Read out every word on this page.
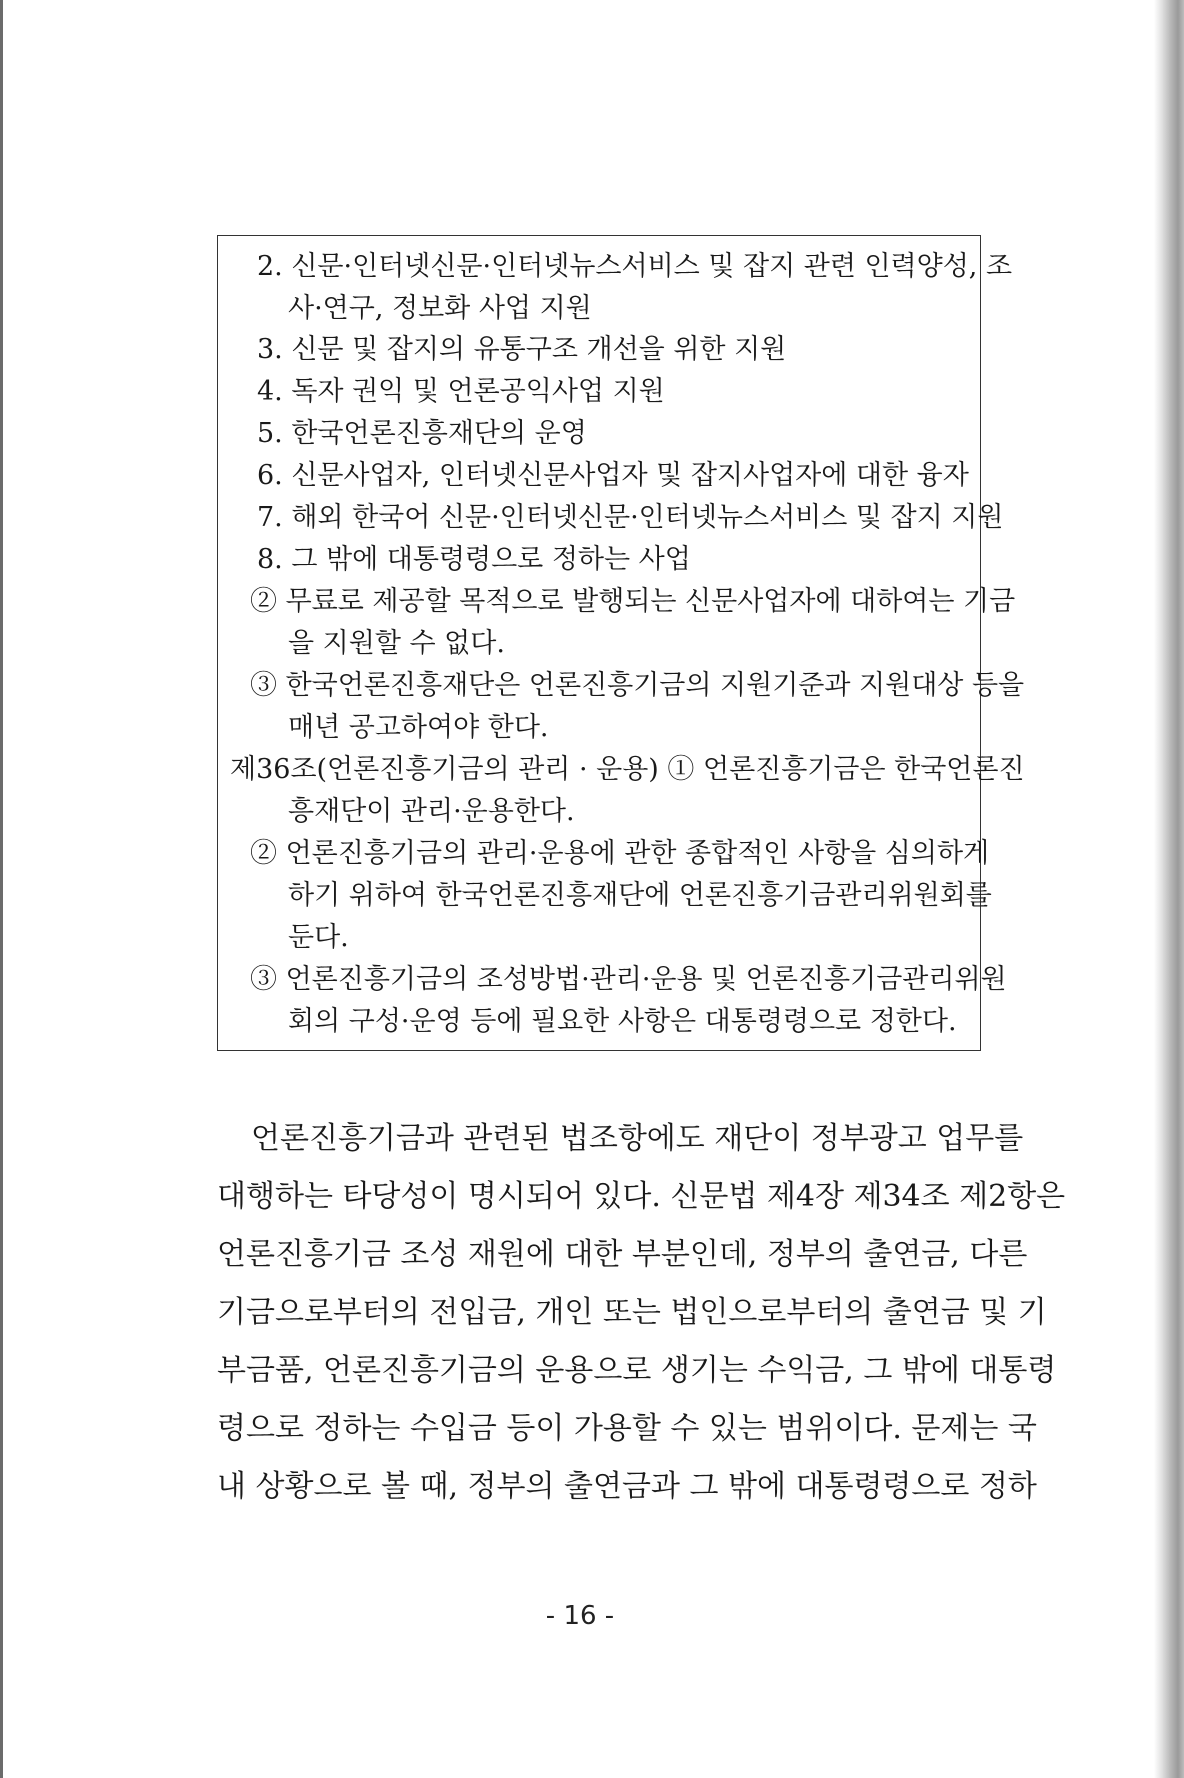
2. 신문·인터넷신문·인터넷뉴스서비스 및 잡지 관련 인력양성, 조
사·연구, 정보화 사업 지원
3. 신문 및 잡지의 유통구조 개선을 위한 지원
4. 독자 권익 및 언론공익사업 지원
5. 한국언론진흥재단의 운영
6. 신문사업자, 인터넷신문사업자 및 잡지사업자에 대한 융자
7. 해외 한국어 신문·인터넷신문·인터넷뉴스서비스 및 잡지 지원
8. 그 밖에 대통령령으로 정하는 사업
② 무료로 제공할 목적으로 발행되는 신문사업자에 대하여는 기금
을 지원할 수 없다.
③ 한국언론진흥재단은 언론진흥기금의 지원기준과 지원대상 등을
매년 공고하여야 한다.
제36조(언론진흥기금의 관리 · 운용) ① 언론진흥기금은 한국언론진
흥재단이 관리·운용한다.
② 언론진흥기금의 관리·운용에 관한 종합적인 사항을 심의하게
하기 위하여 한국언론진흥재단에 언론진흥기금관리위원회를
둔다.
③ 언론진흥기금의 조성방법·관리·운용 및 언론진흥기금관리위원
회의 구성·운영 등에 필요한 사항은 대통령령으로 정한다.
언론진흥기금과 관련된 법조항에도 재단이 정부광고 업무를
대행하는 타당성이 명시되어 있다. 신문법 제4장 제34조 제2항은
언론진흥기금 조성 재원에 대한 부분인데, 정부의 출연금, 다른
기금으로부터의 전입금, 개인 또는 법인으로부터의 출연금 및 기
부금품, 언론진흥기금의 운용으로 생기는 수익금, 그 밖에 대통령
령으로 정하는 수입금 등이 가용할 수 있는 범위이다. 문제는 국
내 상황으로 볼 때, 정부의 출연금과 그 밖에 대통령령으로 정하
- 16 -
